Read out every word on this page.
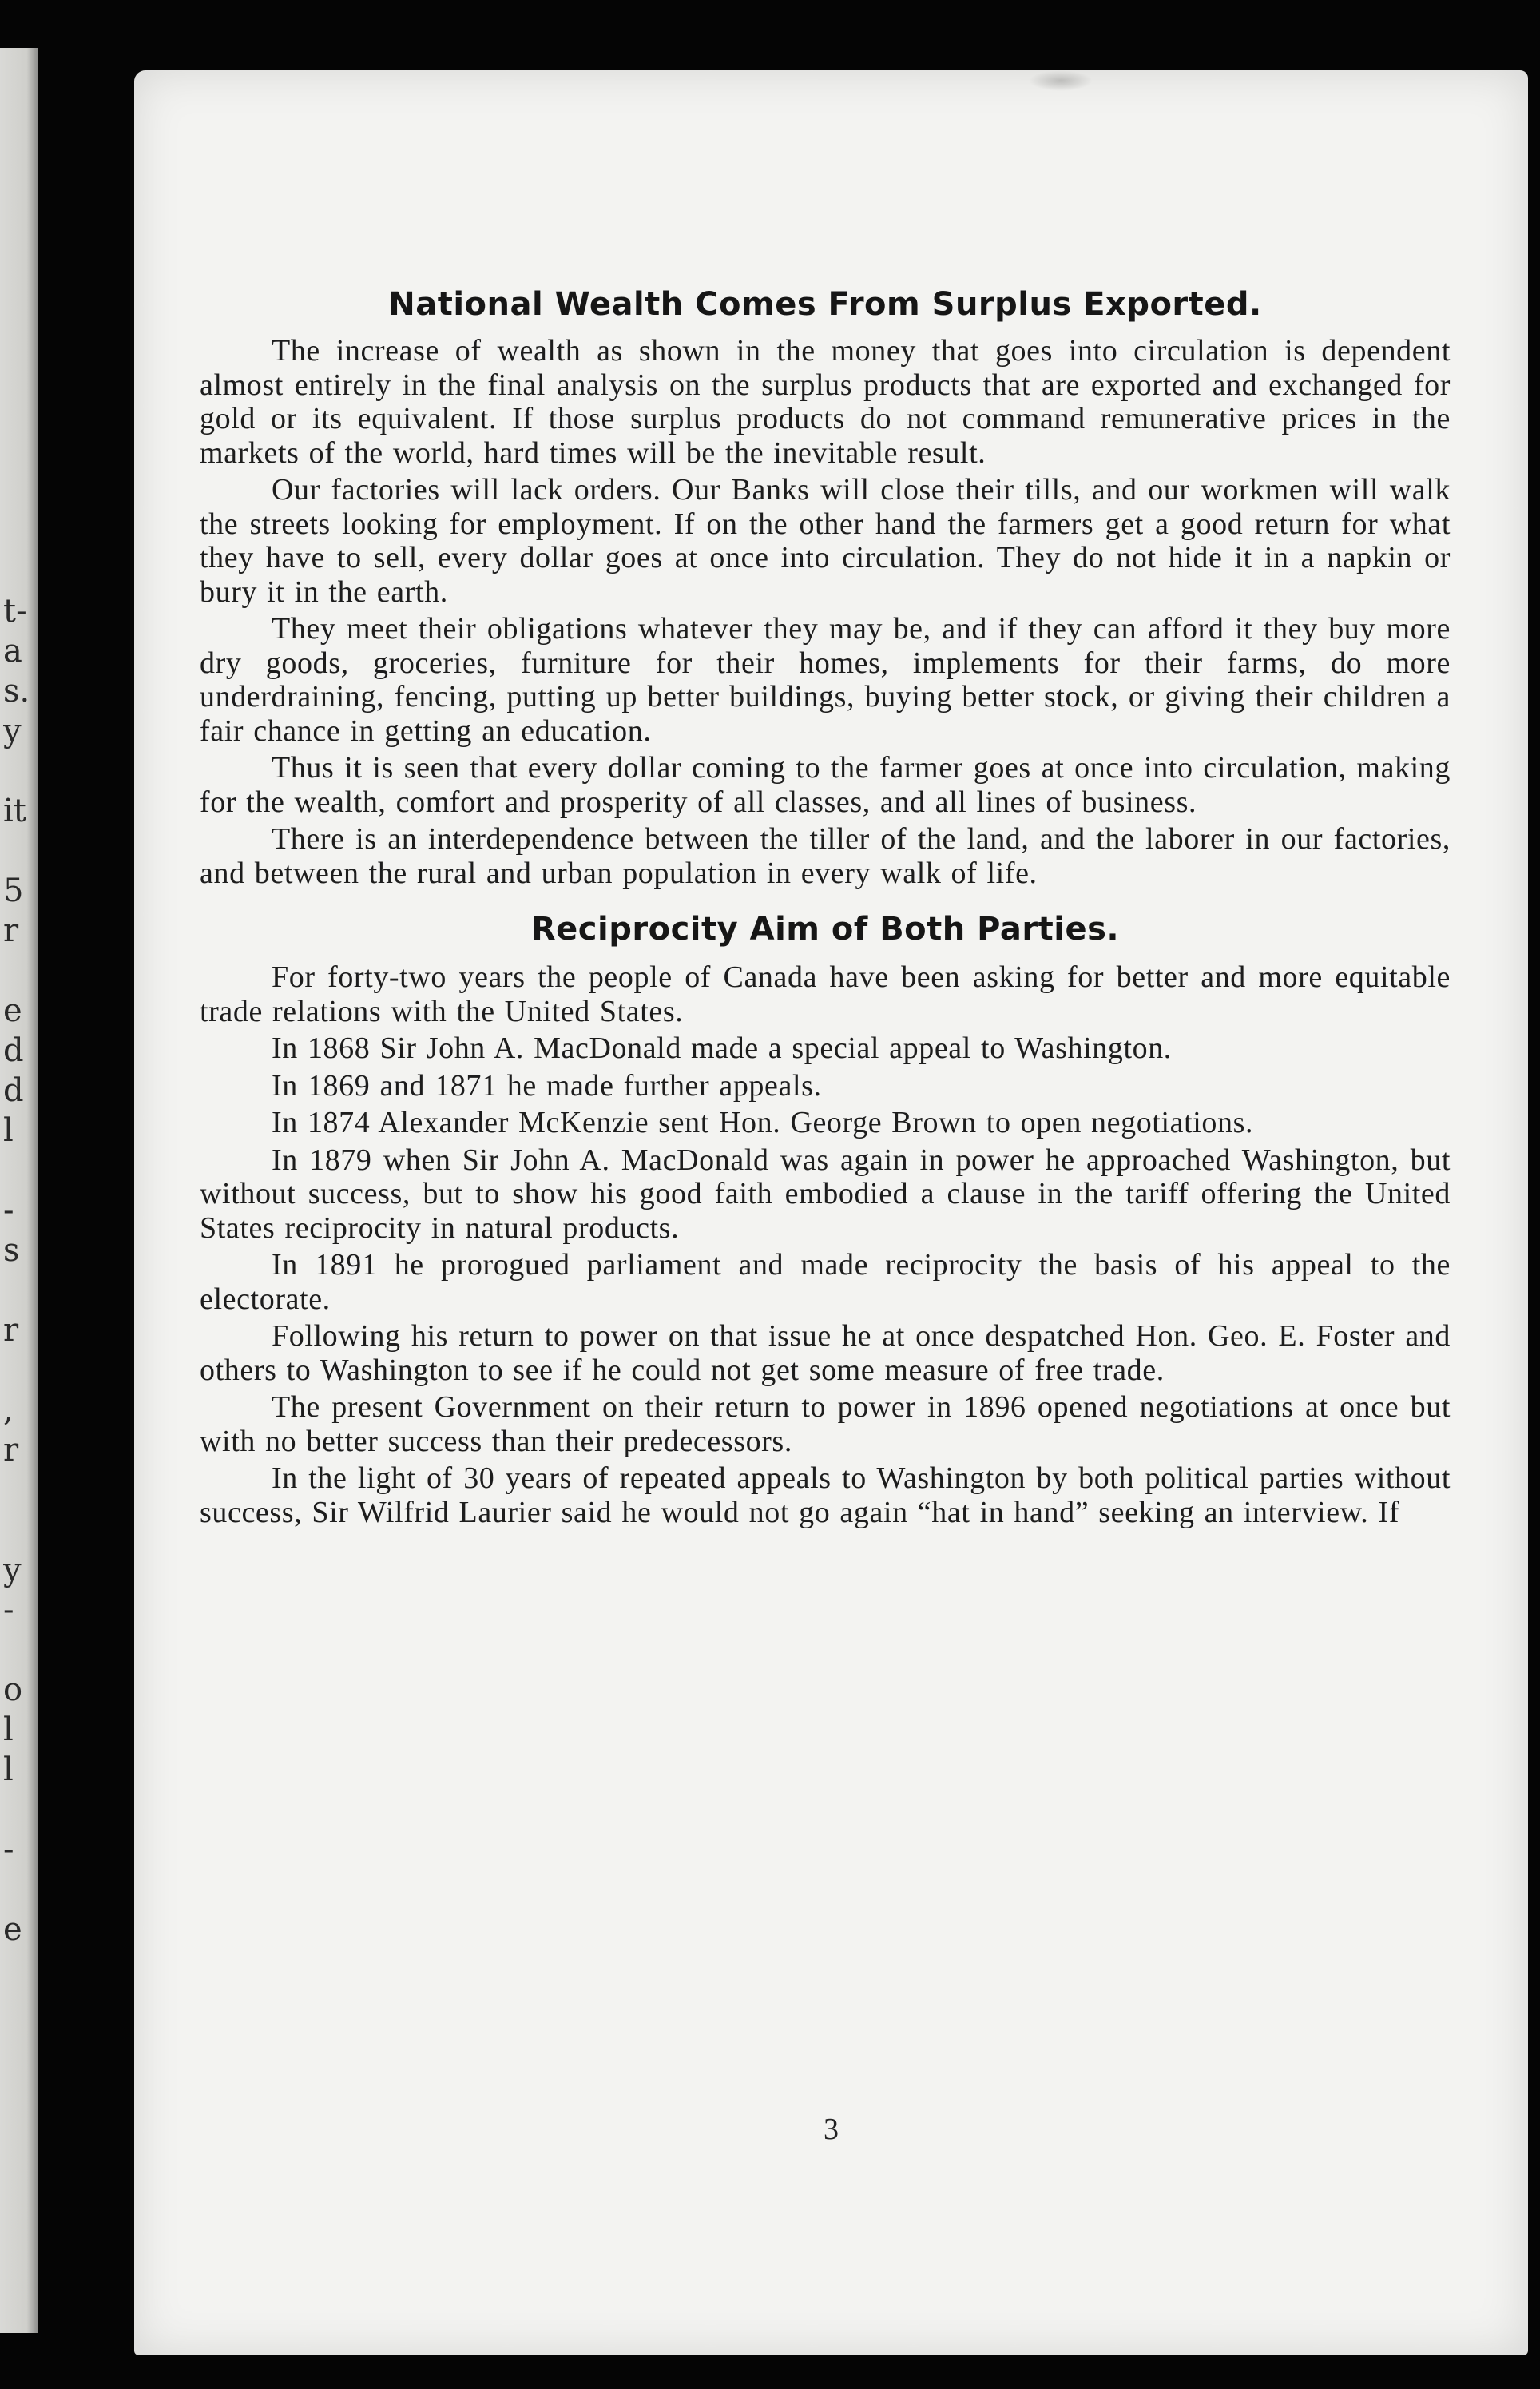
t-
a
s.
y
it
5
r
e
d
d
l
-
s
r
,
r
y
-
o
l
l
-
e
National Wealth Comes From Surplus Exported.

The increase of wealth as shown in the money that goes into circulation is dependent almost entirely in the final analysis on the surplus products that are exported and exchanged for gold or its equivalent. If those surplus products do not command remunerative prices in the markets of the world, hard times will be the inevitable result.

Our factories will lack orders. Our Banks will close their tills, and our workmen will walk the streets looking for employment. If on the other hand the farmers get a good return for what they have to sell, every dollar goes at once into circulation. They do not hide it in a napkin or bury it in the earth.

They meet their obligations whatever they may be, and if they can afford it they buy more dry goods, groceries, furniture for their homes, implements for their farms, do more underdraining, fencing, putting up better buildings, buying better stock, or giving their children a fair chance in getting an education.

Thus it is seen that every dollar coming to the farmer goes at once into circulation, making for the wealth, comfort and prosperity of all classes, and all lines of business.

There is an interdependence between the tiller of the land, and the laborer in our factories, and between the rural and urban population in every walk of life.

Reciprocity Aim of Both Parties.

For forty-two years the people of Canada have been asking for better and more equitable trade relations with the United States.

In 1868 Sir John A. MacDonald made a special appeal to Washington.

In 1869 and 1871 he made further appeals.

In 1874 Alexander McKenzie sent Hon. George Brown to open negotiations.

In 1879 when Sir John A. MacDonald was again in power he approached Washington, but without success, but to show his good faith embodied a clause in the tariff offering the United States reciprocity in natural products.

In 1891 he prorogued parliament and made reciprocity the basis of his appeal to the electorate.

Following his return to power on that issue he at once despatched Hon. Geo. E. Foster and others to Washington to see if he could not get some measure of free trade.

The present Government on their return to power in 1896 opened negotiations at once but with no better success than their predecessors.

In the light of 30 years of repeated appeals to Washington by both political parties without success, Sir Wilfrid Laurier said he would not go again “hat in hand” seeking an interview. If

3
